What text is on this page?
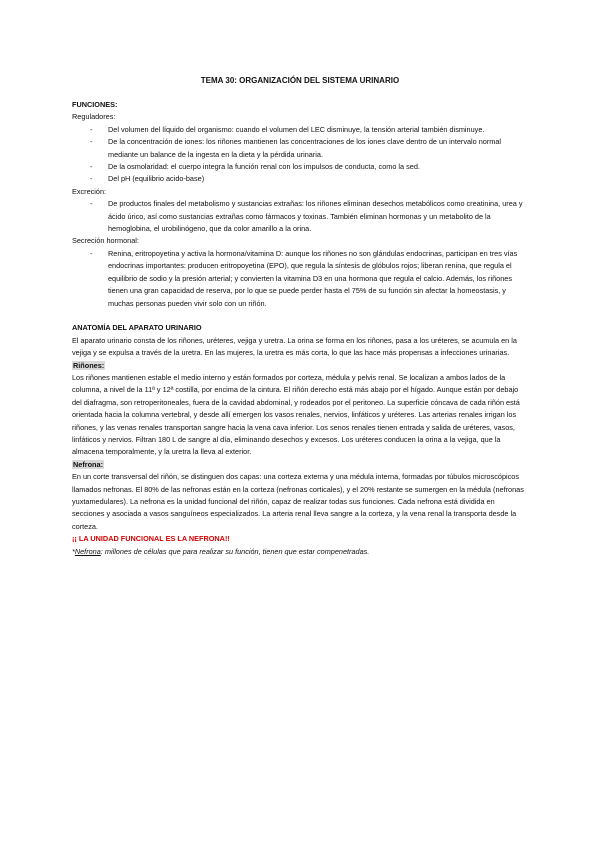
TEMA 30: ORGANIZACIÓN DEL SISTEMA URINARIO

FUNCIONES:

Reguladores:

-	Del volumen del líquido del organismo: cuando el volumen del LEC disminuye, la tensión arterial también disminuye.
-	De la concentración de iones: los riñones mantienen las concentraciones de los iones clave dentro de un intervalo normal mediante un balance de la ingesta en la dieta y la pérdida urinaria.
-	De la osmolaridad: el cuerpo integra la función renal con los impulsos de conducta, como la sed.
-	Del pH (equilibrio acido-base)

Excreción:

-	De productos finales del metabolismo y sustancias extrañas: los riñones eliminan desechos metabólicos como creatinina, urea y ácido úrico, así como sustancias extrañas como fármacos y toxinas. También eliminan hormonas y un metabolito de la hemoglobina, el urobilinógeno, que da color amarillo a la orina.

Secreción hormonal:

-	Renina, eritropoyetina y activa la hormona/vitamina D: aunque los riñones no son glándulas endocrinas, participan en tres vías endocrinas importantes: producen eritropoyetina (EPO), que regula la síntesis de glóbulos rojos; liberan renina, que regula el equilibrio de sodio y la presión arterial; y convierten la vitamina D3 en una hormona que regula el calcio. Además, los riñones tienen una gran capacidad de reserva, por lo que se puede perder hasta el 75% de su función sin afectar la homeostasis, y muchas personas pueden vivir solo con un riñón.

ANATOMÍA DEL APARATO URINARIO

El aparato urinario consta de los riñones, uréteres, vejiga y uretra. La orina se forma en los riñones, pasa a los uréteres, se acumula en la vejiga y se expulsa a través de la uretra. En las mujeres, la uretra es más corta, lo que las hace más propensas a infecciones urinarias.

Riñones:

Los riñones mantienen estable el medio interno y están formados por corteza, médula y pelvis renal. Se localizan a ambos lados de la columna, a nivel de la 11ª y 12ª costilla, por encima de la cintura. El riñón derecho está más abajo por el hígado. Aunque están por debajo del diafragma, son retroperitoneales, fuera de la cavidad abdominal, y rodeados por el peritoneo. La superficie cóncava de cada riñón está orientada hacia la columna vertebral, y desde allí emergen los vasos renales, nervios, linfáticos y uréteres. Las arterias renales irrigan los riñones, y las venas renales transportan sangre hacia la vena cava inferior. Los senos renales tienen entrada y salida de uréteres, vasos, linfáticos y nervios. Filtran 180 L de sangre al día, eliminando desechos y excesos. Los uréteres conducen la orina a la vejiga, que la almacena temporalmente, y la uretra la lleva al exterior.

Nefrona:

En un corte transversal del riñón, se distinguen dos capas: una corteza externa y una médula interna, formadas por túbulos microscópicos llamados nefronas. El 80% de las nefronas están en la corteza (nefronas corticales), y el 20% restante se sumergen en la médula (nefronas yuxtamedulares). La nefrona es la unidad funcional del riñón, capaz de realizar todas sus funciones. Cada nefrona está dividida en secciones y asociada a vasos sanguíneos especializados. La arteria renal lleva sangre a la corteza, y la vena renal la transporta desde la corteza.

¡¡ LA UNIDAD FUNCIONAL ES LA NEFRONA!!

*Nefrona: millones de células que para realizar su función, tienen que estar compenetradas.
